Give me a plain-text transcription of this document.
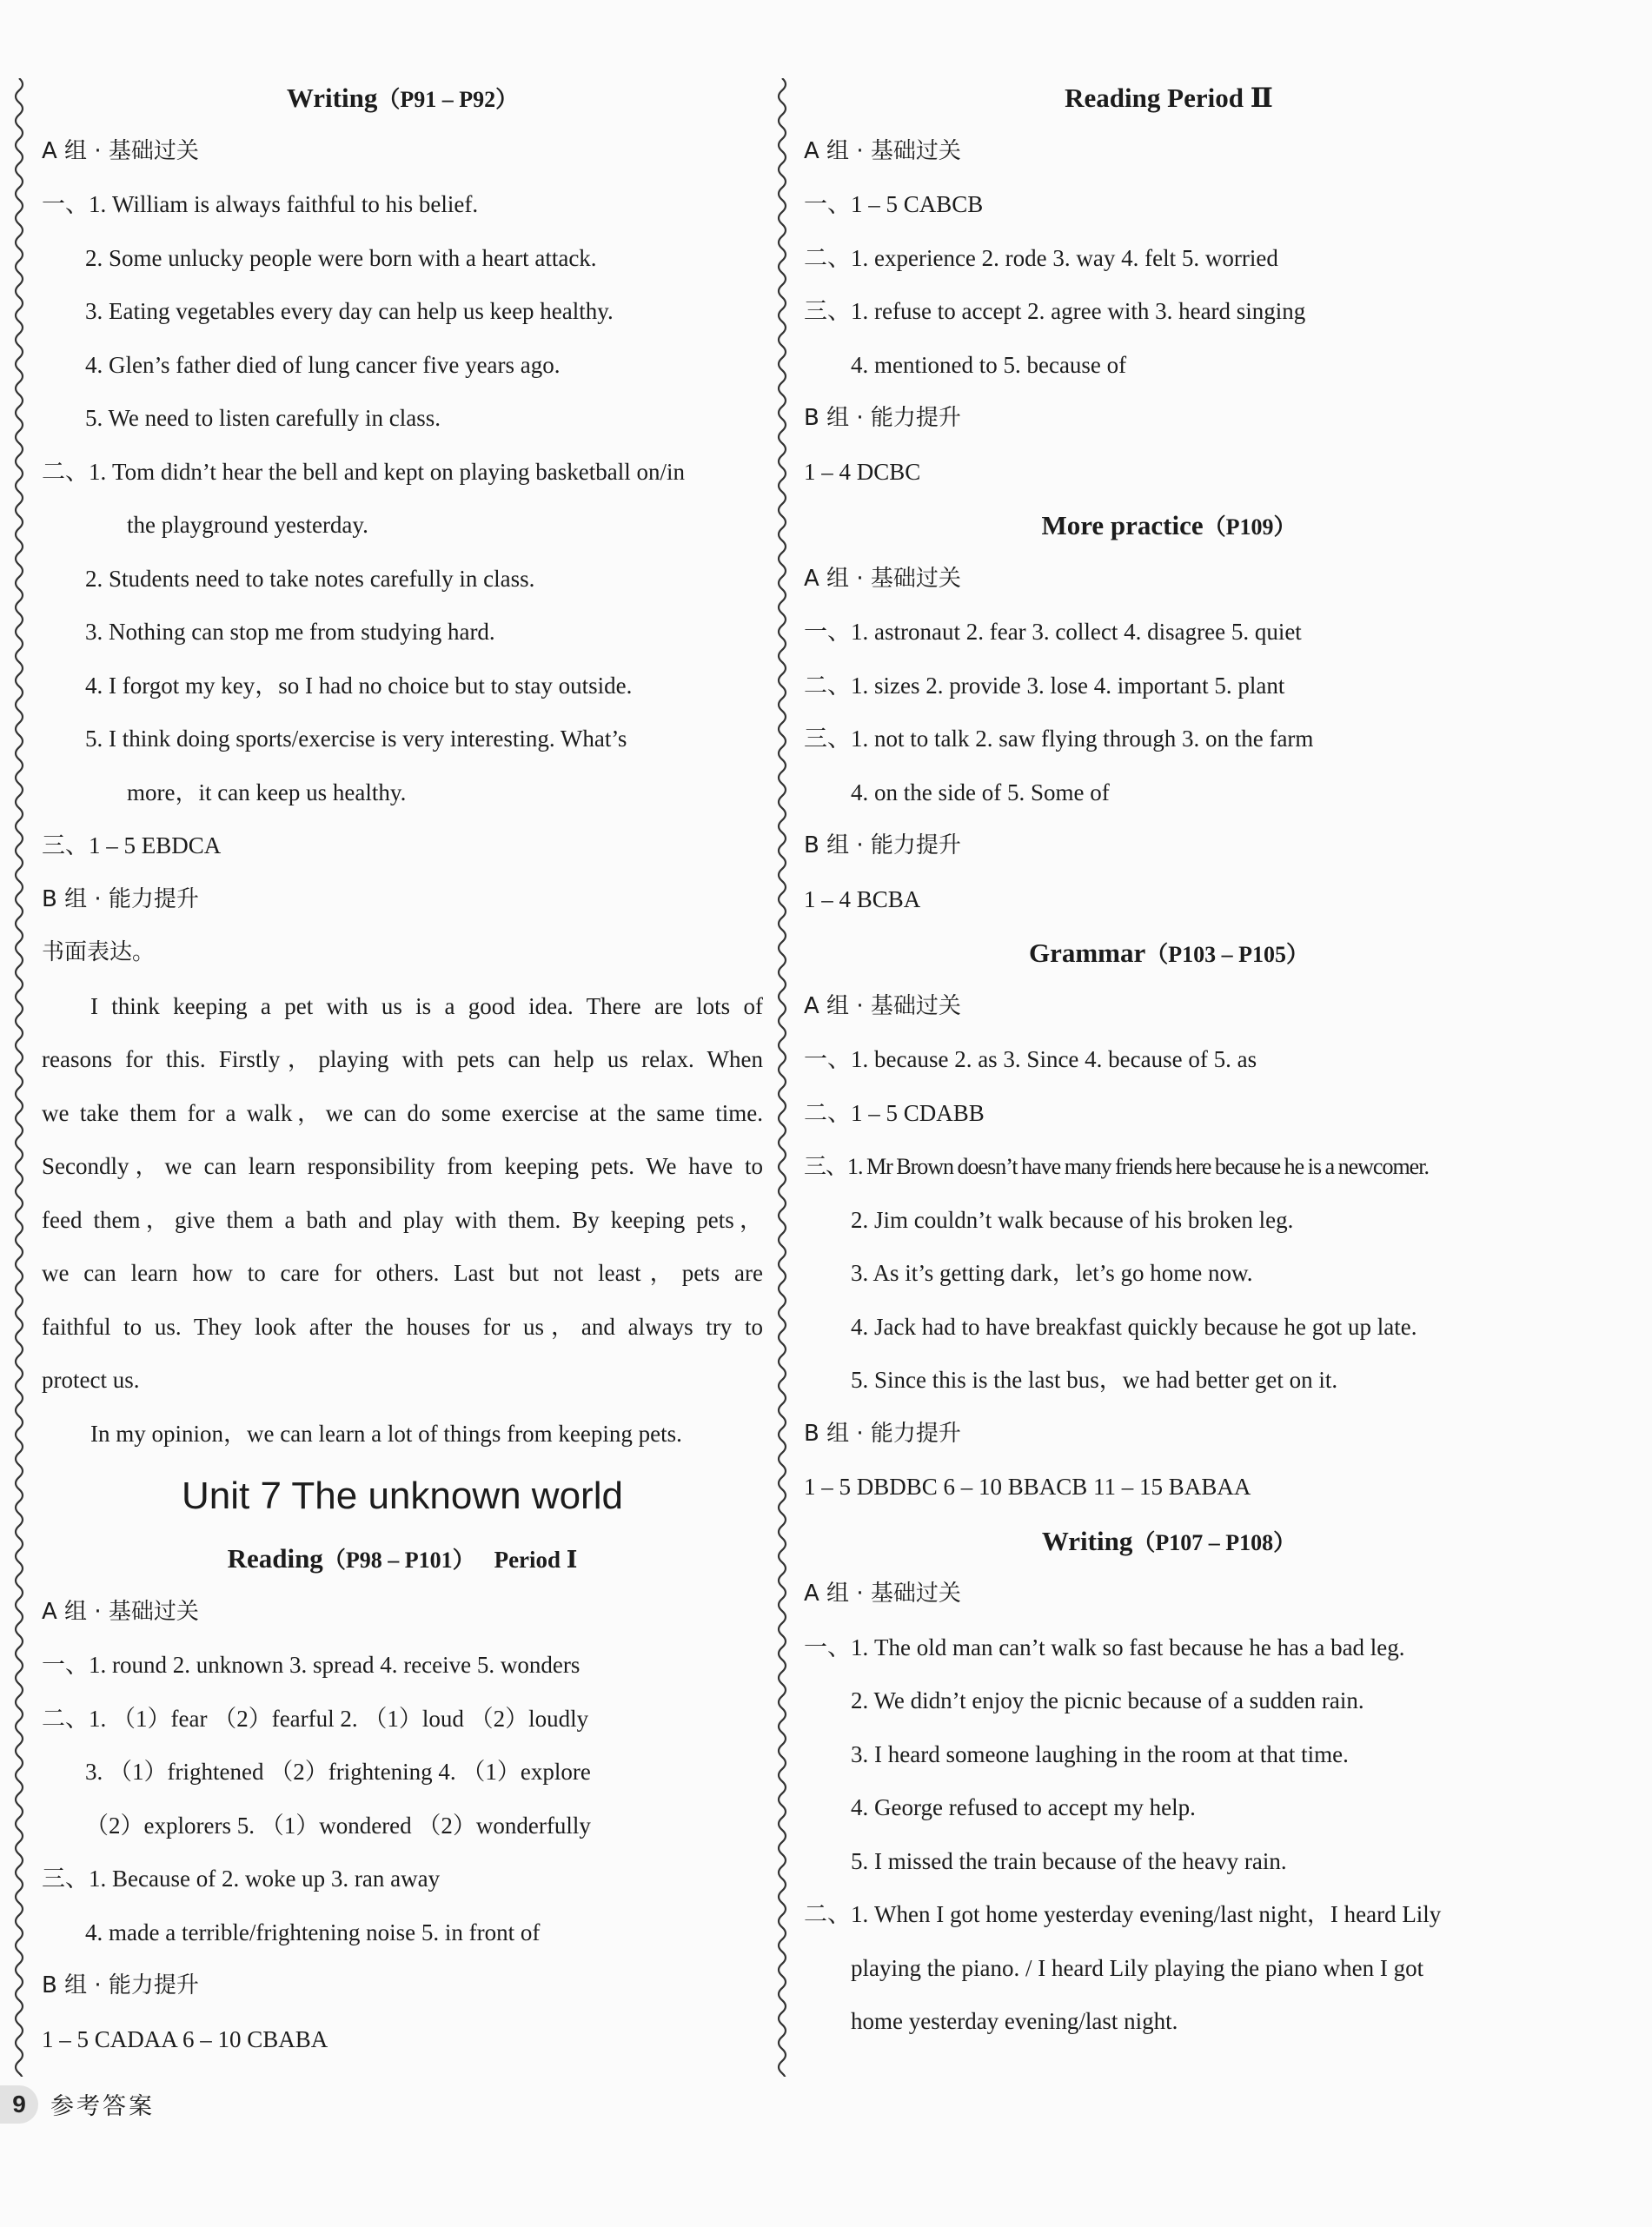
Writing（P91 – P92）
A 组 · 基础过关
一、1. William is always faithful to his belief.
2. Some unlucky people were born with a heart attack.
3. Eating vegetables every day can help us keep healthy.
4. Glen’s father died of lung cancer five years ago.
5. We need to listen carefully in class.
二、1. Tom didn’t hear the bell and kept on playing basketball on/in
the playground yesterday.
2. Students need to take notes carefully in class.
3. Nothing can stop me from studying hard.
4. I forgot my key，so I had no choice but to stay outside.
5. I think doing sports/exercise is very interesting. What’s
more，it can keep us healthy.
三、1 – 5 EBDCA
B 组 · 能力提升
书面表达。
I think keeping a pet with us is a good idea. There are lots of
reasons for this. Firstly，playing with pets can help us relax. When
we take them for a walk，we can do some exercise at the same time.
Secondly，we can learn responsibility from keeping pets. We have to
feed them，give them a bath and play with them. By keeping pets，
we can learn how to care for others. Last but not least，pets are
faithful to us. They look after the houses for us，and always try to
protect us.
In my opinion，we can learn a lot of things from keeping pets.
Unit 7 The unknown world
Reading（P98 – P101） Period Ⅰ
A 组 · 基础过关
一、1. round 2. unknown 3. spread 4. receive 5. wonders
二、1. （1）fear （2）fearful 2. （1）loud （2）loudly
3. （1）frightened （2）frightening 4. （1）explore
（2）explorers 5. （1）wondered （2）wonderfully
三、1. Because of 2. woke up 3. ran away
4. made a terrible/frightening noise 5. in front of
B 组 · 能力提升
1 – 5 CADAA 6 – 10 CBABA
Reading Period Ⅱ
A 组 · 基础过关
一、1 – 5 CABCB
二、1. experience 2. rode 3. way 4. felt 5. worried
三、1. refuse to accept 2. agree with 3. heard singing
4. mentioned to 5. because of
B 组 · 能力提升
1 – 4 DCBC
More practice（P109）
A 组 · 基础过关
一、1. astronaut 2. fear 3. collect 4. disagree 5. quiet
二、1. sizes 2. provide 3. lose 4. important 5. plant
三、1. not to talk 2. saw flying through 3. on the farm
4. on the side of 5. Some of
B 组 · 能力提升
1 – 4 BCBA
Grammar（P103 – P105）
A 组 · 基础过关
一、1. because 2. as 3. Since 4. because of 5. as
二、1 – 5 CDABB
三、1. Mr Brown doesn’t have many friends here because he is a newcomer.
2. Jim couldn’t walk because of his broken leg.
3. As it’s getting dark，let’s go home now.
4. Jack had to have breakfast quickly because he got up late.
5. Since this is the last bus，we had better get on it.
B 组 · 能力提升
1 – 5 DBDBC 6 – 10 BBACB 11 – 15 BABAA
Writing（P107 – P108）
A 组 · 基础过关
一、1. The old man can’t walk so fast because he has a bad leg.
2. We didn’t enjoy the picnic because of a sudden rain.
3. I heard someone laughing in the room at that time.
4. George refused to accept my help.
5. I missed the train because of the heavy rain.
二、1. When I got home yesterday evening/last night，I heard Lily
playing the piano. / I heard Lily playing the piano when I got
home yesterday evening/last night.
9	参考答案
